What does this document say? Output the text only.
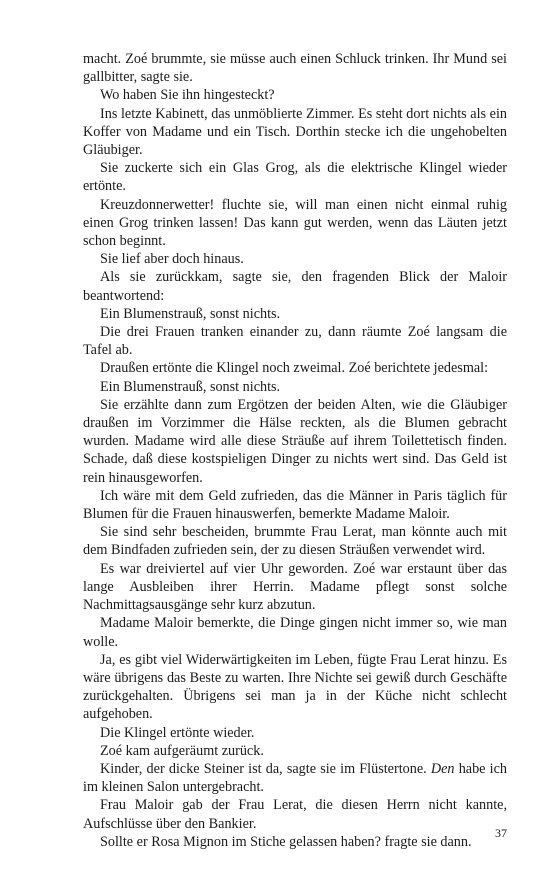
macht. Zoé brummte, sie müsse auch einen Schluck trinken. Ihr Mund sei gallbitter, sagte sie.

Wo haben Sie ihn hingesteckt?

Ins letzte Kabinett, das unmöblierte Zimmer. Es steht dort nichts als ein Koffer von Madame und ein Tisch. Dorthin stecke ich die ungehobelten Gläubiger.

Sie zuckerte sich ein Glas Grog, als die elektrische Klingel wieder ertönte.

Kreuzdonnerwetter! fluchte sie, will man einen nicht einmal ruhig einen Grog trinken lassen! Das kann gut werden, wenn das Läuten jetzt schon beginnt.

Sie lief aber doch hinaus.

Als sie zurückkam, sagte sie, den fragenden Blick der Maloir beantwortend:

Ein Blumenstrauß, sonst nichts.

Die drei Frauen tranken einander zu, dann räumte Zoé langsam die Tafel ab.

Draußen ertönte die Klingel noch zweimal. Zoé berichtete jedesmal:

Ein Blumenstrauß, sonst nichts.

Sie erzählte dann zum Ergötzen der beiden Alten, wie die Gläubiger draußen im Vorzimmer die Hälse reckten, als die Blumen gebracht wurden. Madame wird alle diese Sträuße auf ihrem Toilettetisch finden. Schade, daß diese kostspieligen Dinger zu nichts wert sind. Das Geld ist rein hinausgeworfen.

Ich wäre mit dem Geld zufrieden, das die Männer in Paris täglich für Blumen für die Frauen hinauswerfen, bemerkte Madame Maloir.

Sie sind sehr bescheiden, brummte Frau Lerat, man könnte auch mit dem Bindfaden zufrieden sein, der zu diesen Sträußen verwendet wird.

Es war dreiviertel auf vier Uhr geworden. Zoé war erstaunt über das lange Ausbleiben ihrer Herrin. Madame pflegt sonst solche Nachmittagsausgänge sehr kurz abzutun.

Madame Maloir bemerkte, die Dinge gingen nicht immer so, wie man wolle.

Ja, es gibt viel Widerwärtigkeiten im Leben, fügte Frau Lerat hinzu. Es wäre übrigens das Beste zu warten. Ihre Nichte sei gewiß durch Geschäfte zurückgehalten. Übrigens sei man ja in der Küche nicht schlecht aufgehoben.

Die Klingel ertönte wieder.

Zoé kam aufgeräumt zurück.

Kinder, der dicke Steiner ist da, sagte sie im Flüstertone. Den habe ich im kleinen Salon untergebracht.

Frau Maloir gab der Frau Lerat, die diesen Herrn nicht kannte, Aufschlüsse über den Bankier.

Sollte er Rosa Mignon im Stiche gelassen haben? fragte sie dann.

37
